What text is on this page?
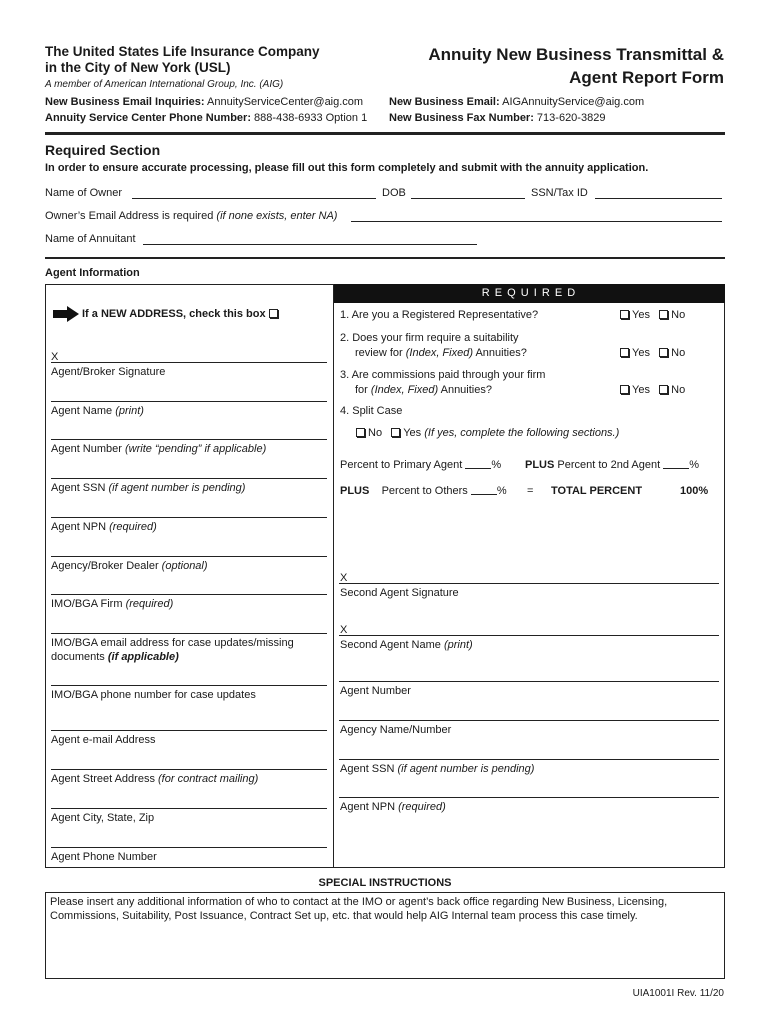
The United States Life Insurance Company
in the City of New York (USL)
A member of American International Group, Inc. (AIG)
Annuity New Business Transmittal &
Agent Report Form
New Business Email Inquiries: AnnuityServiceCenter@aig.com
Annuity Service Center Phone Number: 888-438-6933 Option 1
New Business Email: AIGAnnuityService@aig.com
New Business Fax Number: 713-620-3829
Required Section
In order to ensure accurate processing, please fill out this form completely and submit with the annuity application.
Name of Owner	DOB	SSN/Tax ID
Owner’s Email Address is required (if none exists, enter NA)
Name of Annuitant
Agent Information
R E Q U I R E D
If a NEW ADDRESS, check this box
X
Agent/Broker Signature
Agent Name (print)
Agent Number (write “pending” if applicable)
Agent SSN (if agent number is pending)
Agent NPN (required)
Agency/Broker Dealer (optional)
IMO/BGA Firm (required)
IMO/BGA email address for case updates/missing
documents (if applicable)
IMO/BGA phone number for case updates
Agent e-mail Address
Agent Street Address (for contract mailing)
Agent City, State, Zip
Agent Phone Number
1. Are you a Registered Representative?	Yes No
2. Does your firm require a suitability
review for (Index, Fixed) Annuities?	Yes No
3. Are commissions paid through your firm
for (Index, Fixed) Annuities?	Yes No
4. Split Case
No Yes (If yes, complete the following sections.)
Percent to Primary Agent	% PLUS Percent to 2nd Agent	%
PLUS Percent to Others	% = TOTAL PERCENT	100%
X
Second Agent Signature
X
Second Agent Name (print)
Agent Number
Agency Name/Number
Agent SSN (if agent number is pending)
Agent NPN (required)
SPECIAL INSTRUCTIONS
Please insert any additional information of who to contact at the IMO or agent’s back office regarding New Business, Licensing,
Commissions, Suitability, Post Issuance, Contract Set up, etc. that would help AIG Internal team process this case timely.
UIA1001I Rev. 11/20
